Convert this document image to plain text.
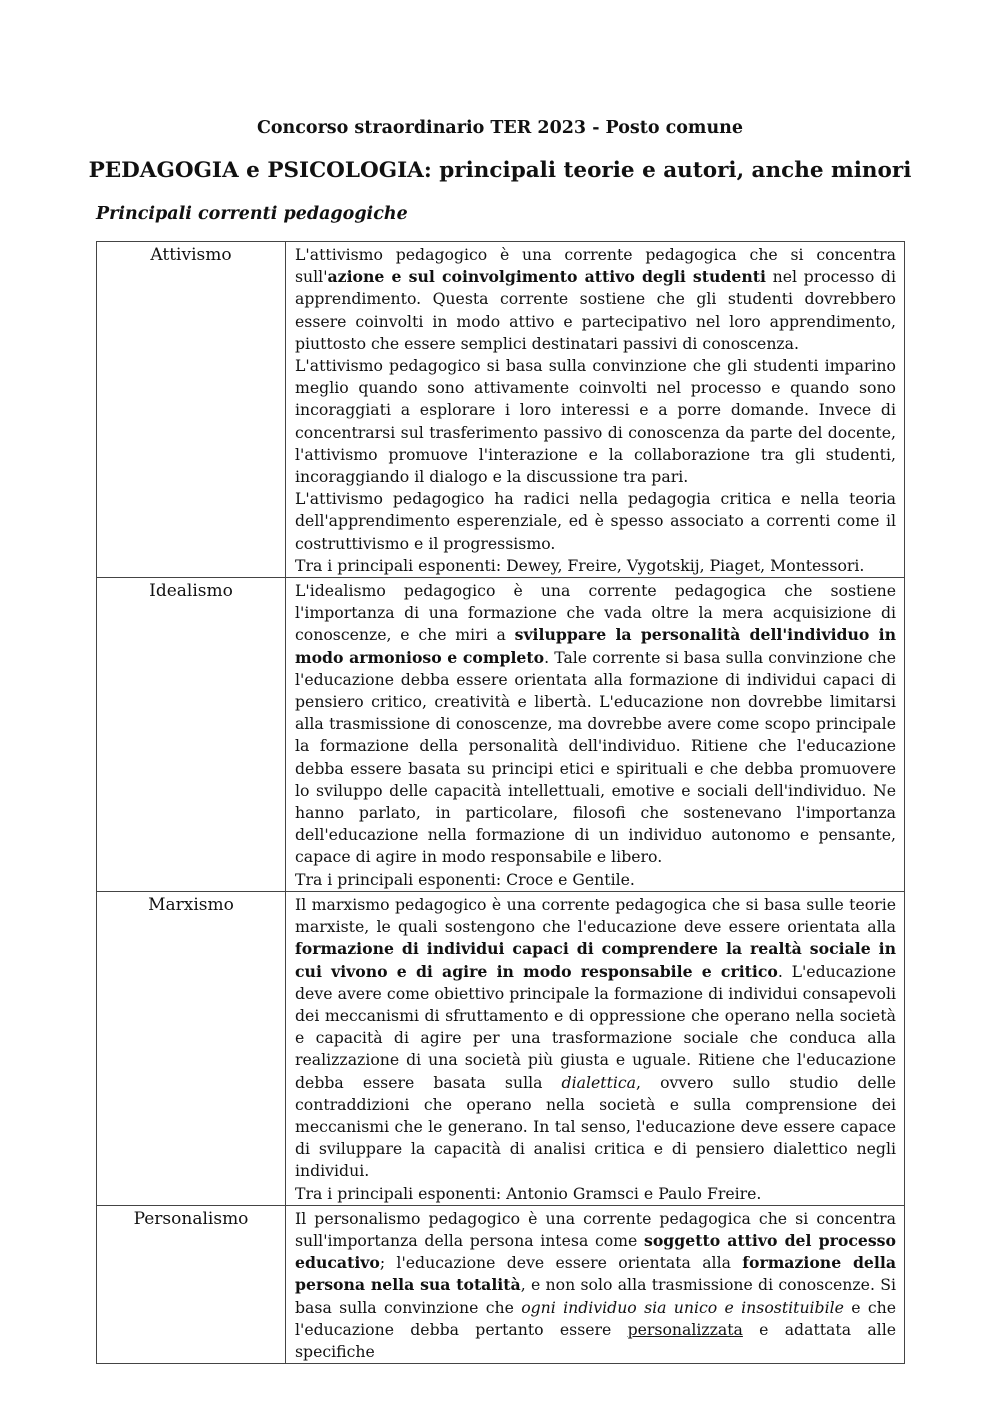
Concorso straordinario TER 2023 - Posto comune
PEDAGOGIA e PSICOLOGIA: principali teorie e autori, anche minori
Principali correnti pedagogiche
Attivismo	L'attivismo pedagogico è una corrente pedagogica che si concentra sull'azione e sul coinvolgimento attivo degli studenti nel processo di apprendimento. Questa corrente sostiene che gli studenti dovrebbero essere coinvolti in modo attivo e partecipativo nel loro apprendimento, piuttosto che essere semplici destinatari passivi di conoscenza.

L'attivismo pedagogico si basa sulla convinzione che gli studenti imparino meglio quando sono attivamente coinvolti nel processo e quando sono incoraggiati a esplorare i loro interessi e a porre domande. Invece di concentrarsi sul trasferimento passivo di conoscenza da parte del docente, l'attivismo promuove l'interazione e la collaborazione tra gli studenti, incoraggiando il dialogo e la discussione tra pari.

L'attivismo pedagogico ha radici nella pedagogia critica e nella teoria dell'apprendimento esperenziale, ed è spesso associato a correnti come il costruttivismo e il progressismo.

Tra i principali esponenti: Dewey, Freire, Vygotskij, Piaget, Montessori.

Idealismo	L'idealismo pedagogico è una corrente pedagogica che sostiene l'importanza di una formazione che vada oltre la mera acquisizione di conoscenze, e che miri a sviluppare la personalità dell'individuo in modo armonioso e completo. Tale corrente si basa sulla convinzione che l'educazione debba essere orientata alla formazione di individui capaci di pensiero critico, creatività e libertà. L'educazione non dovrebbe limitarsi alla trasmissione di conoscenze, ma dovrebbe avere come scopo principale la formazione della personalità dell'individuo. Ritiene che l'educazione debba essere basata su principi etici e spirituali e che debba promuovere lo sviluppo delle capacità intellettuali, emotive e sociali dell'individuo. Ne hanno parlato, in particolare, filosofi che sostenevano l'importanza dell'educazione nella formazione di un individuo autonomo e pensante, capace di agire in modo responsabile e libero.

Tra i principali esponenti: Croce e Gentile.

Marxismo	Il marxismo pedagogico è una corrente pedagogica che si basa sulle teorie marxiste, le quali sostengono che l'educazione deve essere orientata alla formazione di individui capaci di comprendere la realtà sociale in cui vivono e di agire in modo responsabile e critico. L'educazione deve avere come obiettivo principale la formazione di individui consapevoli dei meccanismi di sfruttamento e di oppressione che operano nella società e capacità di agire per una trasformazione sociale che conduca alla realizzazione di una società più giusta e uguale. Ritiene che l'educazione debba essere basata sulla dialettica, ovvero sullo studio delle contraddizioni che operano nella società e sulla comprensione dei meccanismi che le generano. In tal senso, l'educazione deve essere capace di sviluppare la capacità di analisi critica e di pensiero dialettico negli individui.

Tra i principali esponenti: Antonio Gramsci e Paulo Freire.

Personalismo	Il personalismo pedagogico è una corrente pedagogica che si concentra sull'importanza della persona intesa come soggetto attivo del processo educativo; l'educazione deve essere orientata alla formazione della persona nella sua totalità, e non solo alla trasmissione di conoscenze. Si basa sulla convinzione che ogni individuo sia unico e insostituibile e che l'educazione debba pertanto essere personalizzata e adattata alle specifiche
